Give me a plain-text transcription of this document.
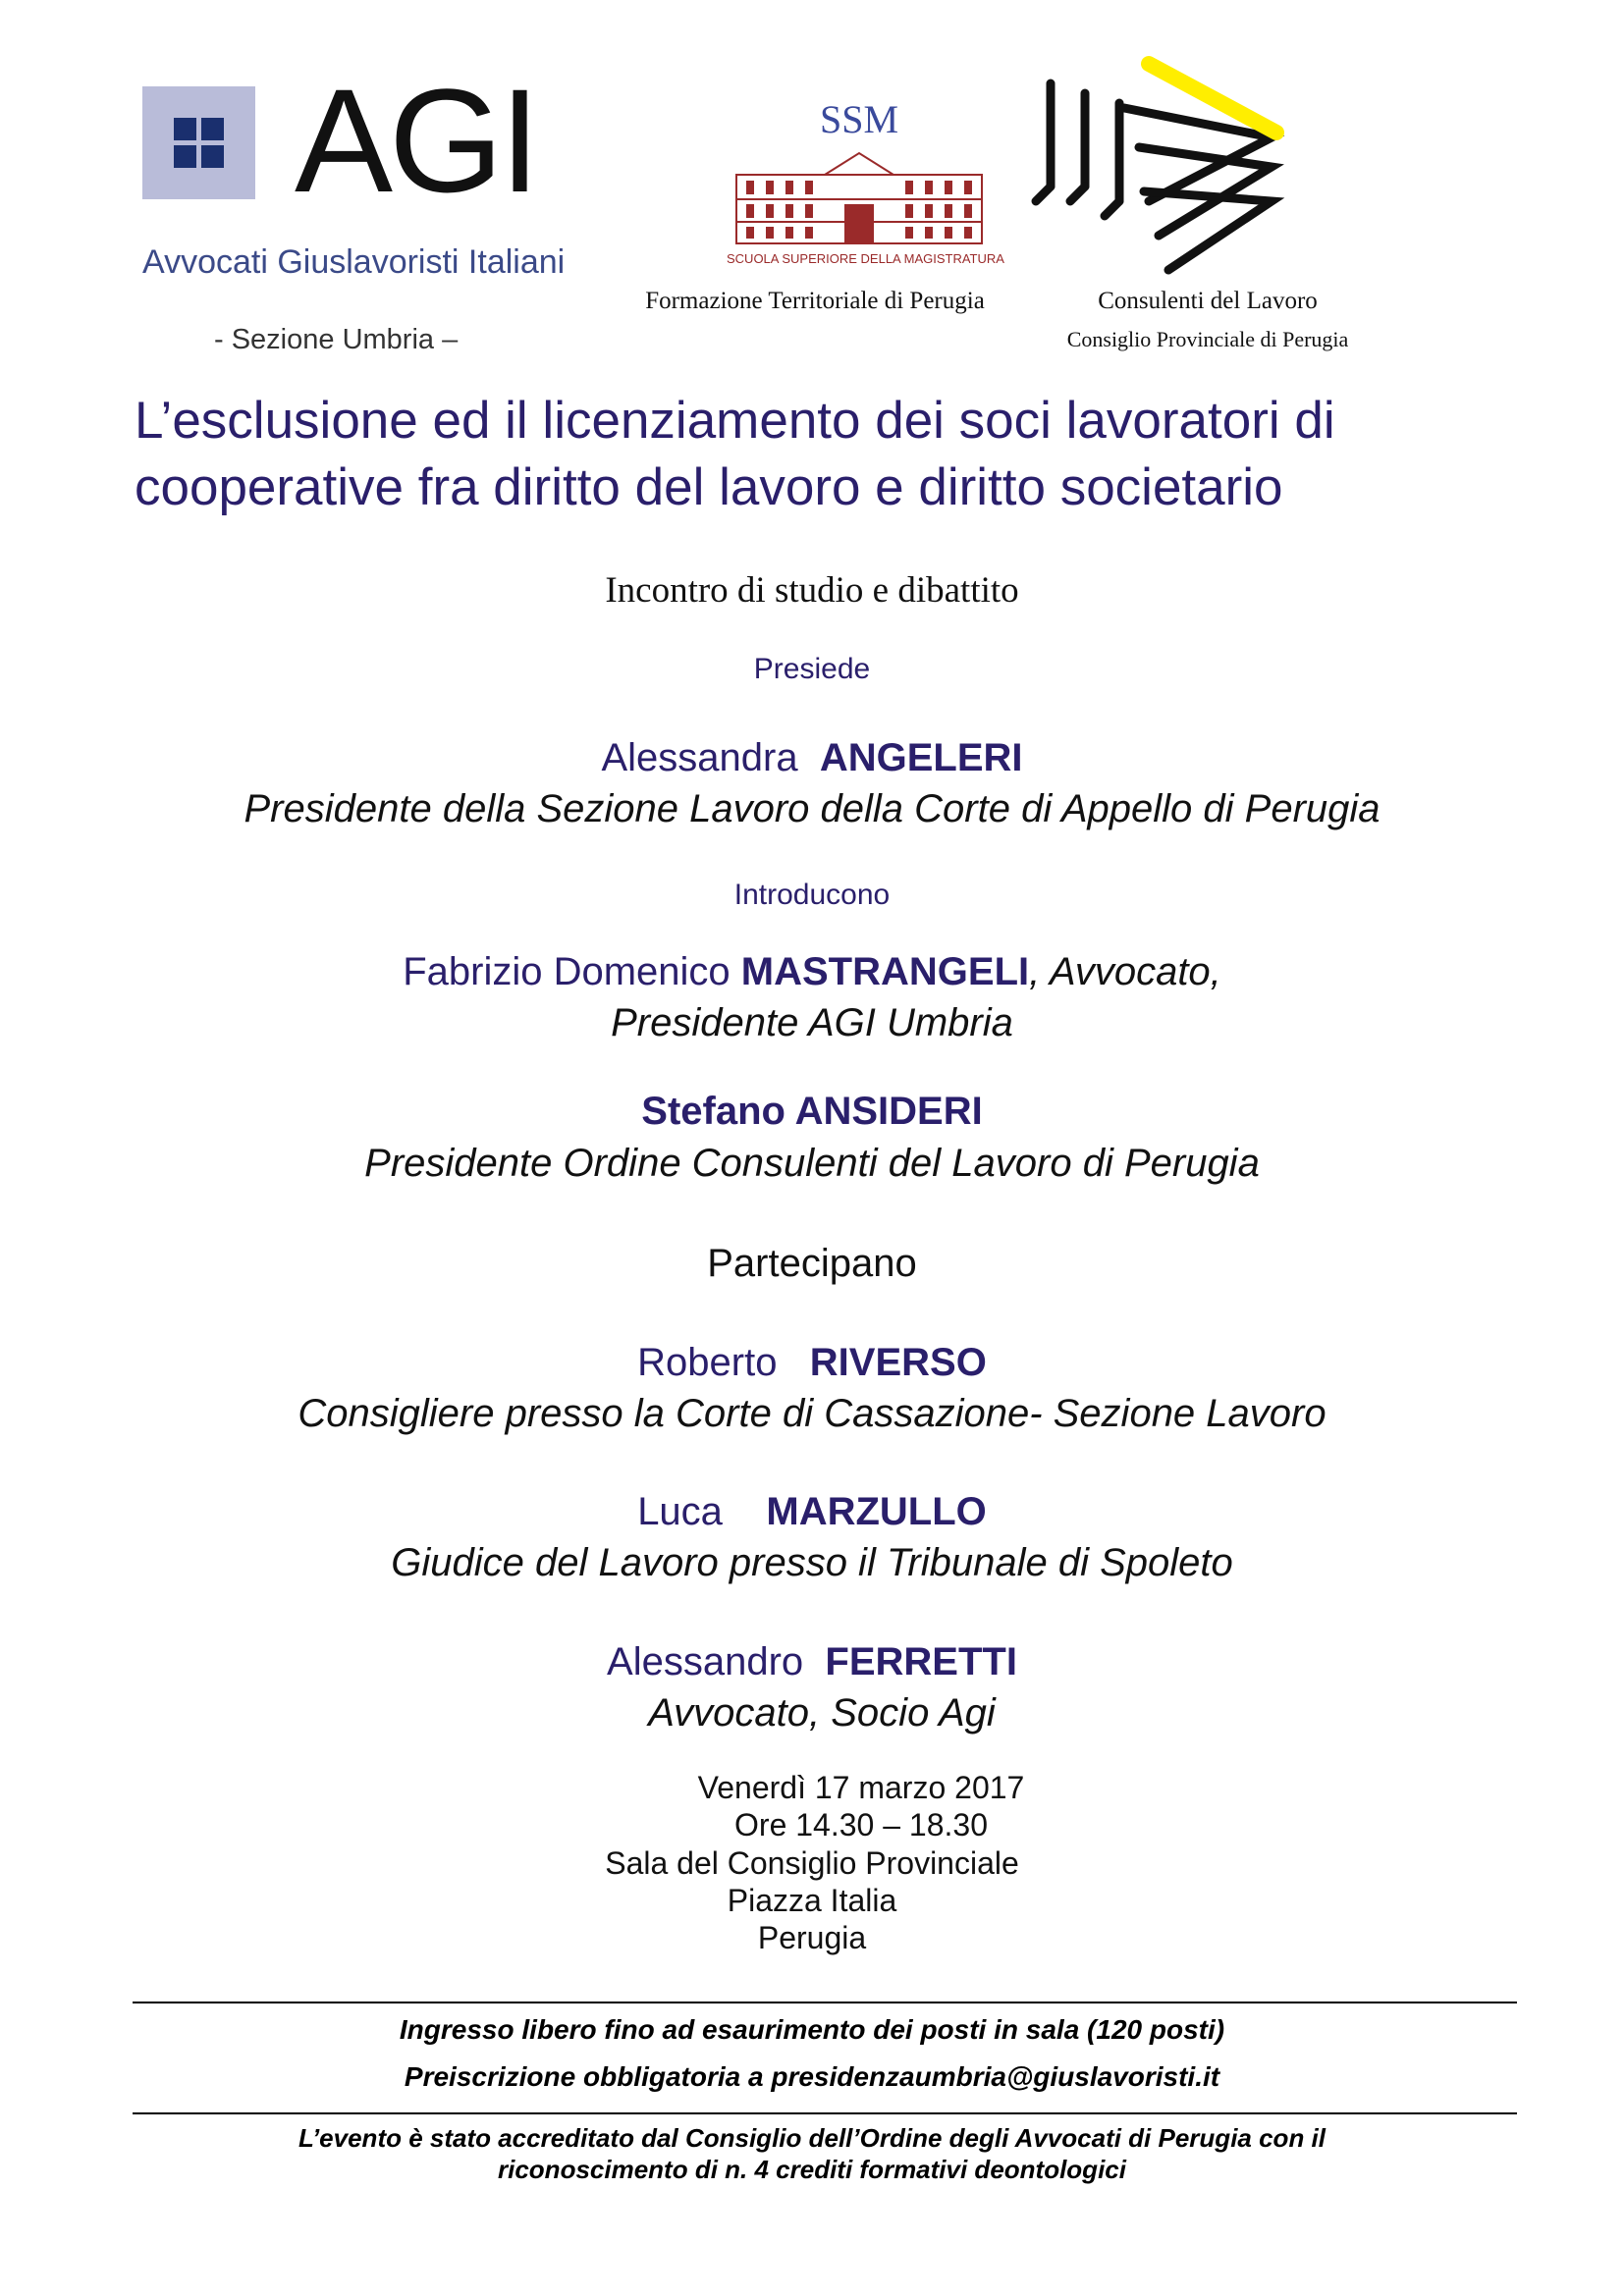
AGI
Avvocati Giuslavoristi Italiani
- Sezione Umbria –
SSM
SCUOLA SUPERIORE DELLA MAGISTRATURA
Formazione Territoriale di Perugia	Consulenti del Lavoro
Consiglio Provinciale di Perugia
L’esclusione ed il licenziamento dei soci lavoratori di
cooperative fra diritto del lavoro e diritto societario
Incontro di studio e dibattito
Presiede
Alessandra ANGELERI
Presidente della Sezione Lavoro della Corte di Appello di Perugia
Introducono
Fabrizio Domenico MASTRANGELI, Avvocato,
Presidente AGI Umbria
Stefano ANSIDERI
Presidente Ordine Consulenti del Lavoro di Perugia
Partecipano
Roberto RIVERSO
Consigliere presso la Corte di Cassazione- Sezione Lavoro
Luca MARZULLO
Giudice del Lavoro presso il Tribunale di Spoleto
Alessandro FERRETTI
Avvocato, Socio Agi
Venerdì 17 marzo 2017
Ore 14.30 – 18.30
Sala del Consiglio Provinciale
Piazza Italia
Perugia
Ingresso libero fino ad esaurimento dei posti in sala (120 posti)
Preiscrizione obbligatoria a presidenzaumbria@giuslavoristi.it
L’evento è stato accreditato dal Consiglio dell’Ordine degli Avvocati di Perugia con il
riconoscimento di n. 4 crediti formativi deontologici
